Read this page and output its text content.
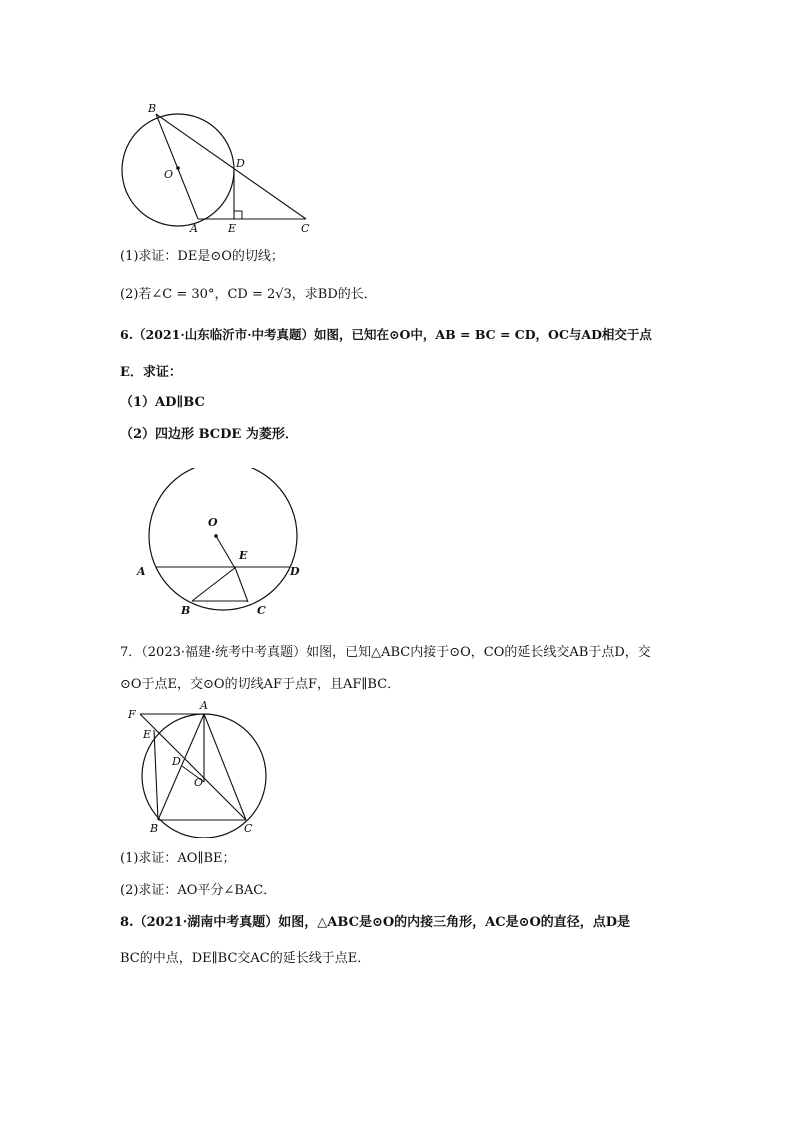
B
O
D
A	E	C
(1)求证：DE是⊙O的切线；
(2)若∠C = 30°，CD = 2√3，求BD的长．
6.（2021·山东临沂市·中考真题）如图，已知在⊙O中，AB = BC = CD，OC与AD相交于点
E．求证：
（1）AD∥BC
（2）四边形 BCDE 为菱形．
O
E
A	D
B	C
7．（2023·福建·统考中考真题）如图，已知△ABC内接于⊙O，CO的延长线交AB于点D，交
⊙O于点E，交⊙O的切线AF于点F，且AF∥BC．
F
A
E
D
O
B	C
(1)求证：AO∥BE；
(2)求证：AO平分∠BAC．
8.（2021·湖南中考真题）如图，△ABC是⊙O的内接三角形，AC是⊙O的直径，点D是
BC的中点，DE∥BC交AC的延长线于点E．
